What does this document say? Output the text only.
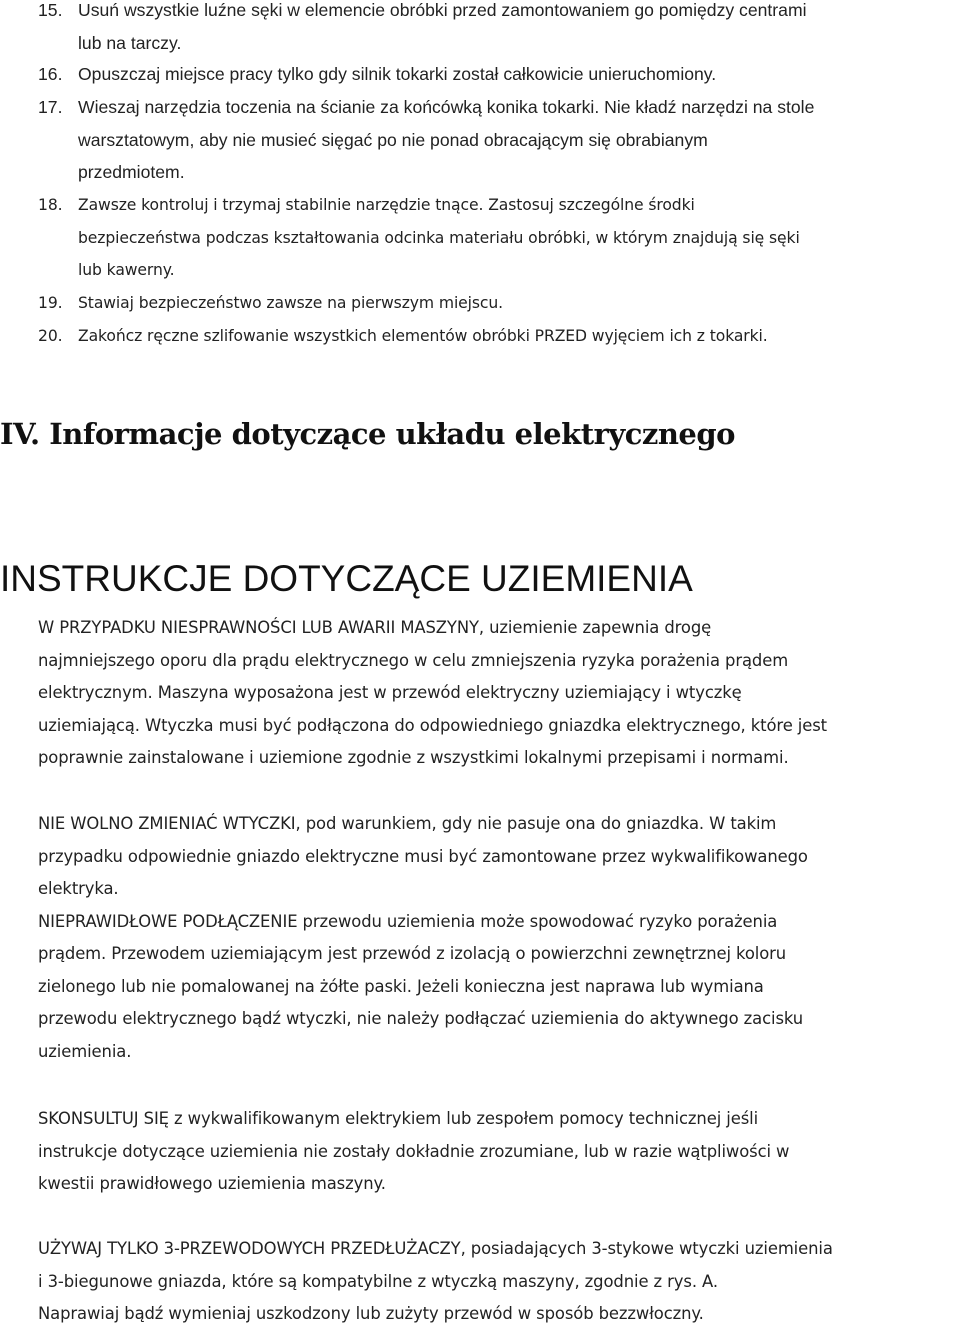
15. Usuń wszystkie luźne sęki w elemencie obróbki przed zamontowaniem go pomiędzy centrami
lub na tarczy.
16. Opuszczaj miejsce pracy tylko gdy silnik tokarki został całkowicie unieruchomiony.
17. Wieszaj narzędzia toczenia na ścianie za końcówką konika tokarki. Nie kładź narzędzi na stole
warsztatowym, aby nie musieć sięgać po nie ponad obracającym się obrabianym
przedmiotem.
18. Zawsze kontroluj i trzymaj stabilnie narzędzie tnące. Zastosuj szczególne środki
bezpieczeństwa podczas kształtowania odcinka materiału obróbki, w którym znajdują się sęki
lub kawerny.
19. Stawiaj bezpieczeństwo zawsze na pierwszym miejscu.
20. Zakończ ręczne szlifowanie wszystkich elementów obróbki PRZED wyjęciem ich z tokarki.
IV. Informacje dotyczące układu elektrycznego
INSTRUKCJE DOTYCZĄCE UZIEMIENIA
W PRZYPADKU NIESPRAWNOŚCI LUB AWARII MASZYNY, uziemienie zapewnia drogę
najmniejszego oporu dla prądu elektrycznego w celu zmniejszenia ryzyka porażenia prądem
elektrycznym. Maszyna wyposażona jest w przewód elektryczny uziemiający i wtyczkę
uziemiającą. Wtyczka musi być podłączona do odpowiedniego gniazdka elektrycznego, które jest
poprawnie zainstalowane i uziemione zgodnie z wszystkimi lokalnymi przepisami i normami.
NIE WOLNO ZMIENIAĆ WTYCZKI, pod warunkiem, gdy nie pasuje ona do gniazdka. W takim
przypadku odpowiednie gniazdo elektryczne musi być zamontowane przez wykwalifikowanego
elektryka.
NIEPRAWIDŁOWE PODŁĄCZENIE przewodu uziemienia może spowodować ryzyko porażenia
prądem. Przewodem uziemiającym jest przewód z izolacją o powierzchni zewnętrznej koloru
zielonego lub nie pomalowanej na żółte paski. Jeżeli konieczna jest naprawa lub wymiana
przewodu elektrycznego bądź wtyczki, nie należy podłączać uziemienia do aktywnego zacisku
uziemienia.
SKONSULTUJ SIĘ z wykwalifikowanym elektrykiem lub zespołem pomocy technicznej jeśli
instrukcje dotyczące uziemienia nie zostały dokładnie zrozumiane, lub w razie wątpliwości w
kwestii prawidłowego uziemienia maszyny.
UŻYWAJ TYLKO 3-PRZEWODOWYCH PRZEDŁUŻACZY, posiadających 3-stykowe wtyczki uziemienia
i 3-biegunowe gniazda, które są kompatybilne z wtyczką maszyny, zgodnie z rys. A.
Naprawiaj bądź wymieniaj uszkodzony lub zużyty przewód w sposób bezzwłoczny.
